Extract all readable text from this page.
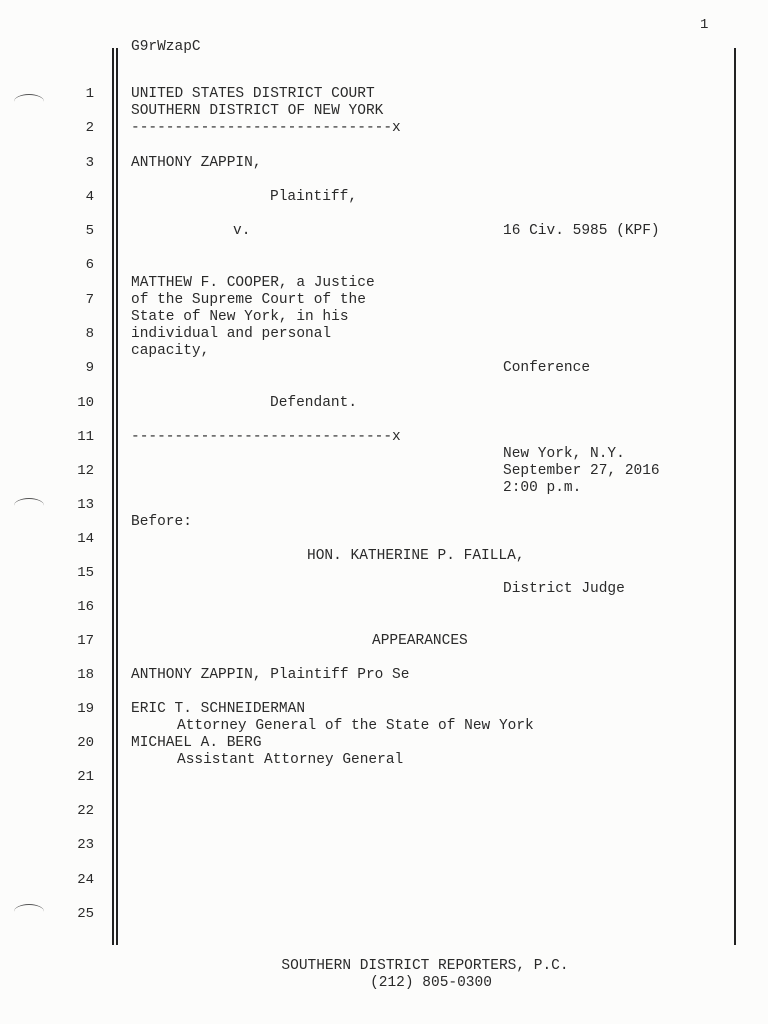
1
G9rWzapC
1
2
3
4
5
6
7
8
9
10
11
12
13
14
15
16
17
18
19
20
21
22
23
24
25
UNITED STATES DISTRICT COURT
SOUTHERN DISTRICT OF NEW YORK
------------------------------x
ANTHONY ZAPPIN,
Plaintiff,
v.	16 Civ. 5985 (KPF)
MATTHEW F. COOPER, a Justice
of the Supreme Court of the
State of New York, in his
individual and personal
capacity,
Conference
Defendant.
------------------------------x
New York, N.Y.
September 27, 2016
2:00 p.m.
Before:
HON. KATHERINE P. FAILLA,
District Judge
APPEARANCES
ANTHONY ZAPPIN, Plaintiff Pro Se
ERIC T. SCHNEIDERMAN
Attorney General of the State of New York
MICHAEL A. BERG
Assistant Attorney General
SOUTHERN DISTRICT REPORTERS, P.C.
(212) 805-0300
